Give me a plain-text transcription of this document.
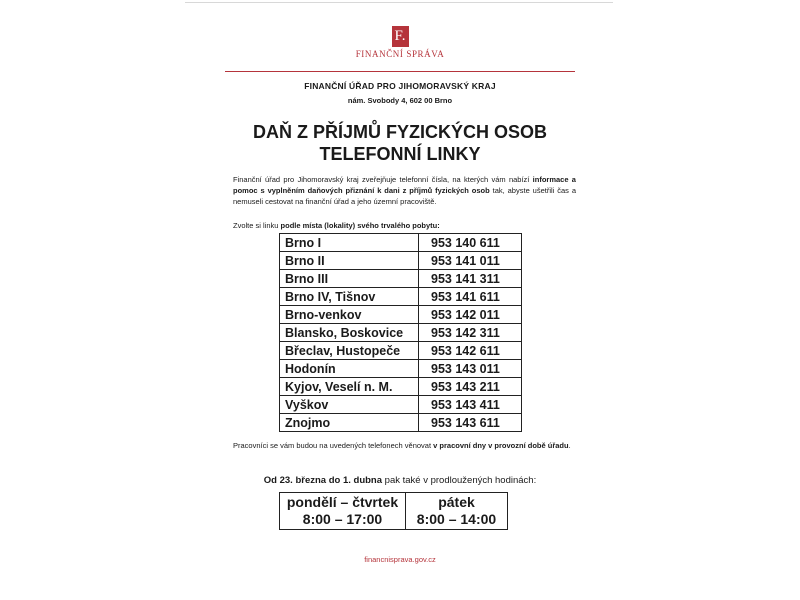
F.
FINANČNÍ SPRÁVA
FINANČNÍ ÚŘAD PRO JIHOMORAVSKÝ KRAJ
nám. Svobody 4, 602 00 Brno
DAŇ Z PŘÍJMŮ FYZICKÝCH OSOB
TELEFONNÍ LINKY
Finanční úřad pro Jihomoravský kraj zveřejňuje telefonní čísla, na kterých vám nabízí informace a pomoc s vyplněním daňových přiznání k dani z příjmů fyzických osob tak, abyste ušetřili čas a nemuseli cestovat na finanční úřad a jeho územní pracoviště.
Zvolte si linku podle místa (lokality) svého trvalého pobytu:
Brno I	953 140 611
Brno II	953 141 011
Brno III	953 141 311
Brno IV, Tišnov	953 141 611
Brno-venkov	953 142 011
Blansko, Boskovice	953 142 311
Břeclav, Hustopeče	953 142 611
Hodonín	953 143 011
Kyjov, Veselí n. M.	953 143 211
Vyškov	953 143 411
Znojmo	953 143 611
Pracovníci se vám budou na uvedených telefonech věnovat v pracovní dny v provozní době úřadu.
Od 23. března do 1. dubna pak také v prodloužených hodinách:
pondělí – čtvrtek
8:00 – 17:00

pátek
8:00 – 14:00
financnisprava.gov.cz
